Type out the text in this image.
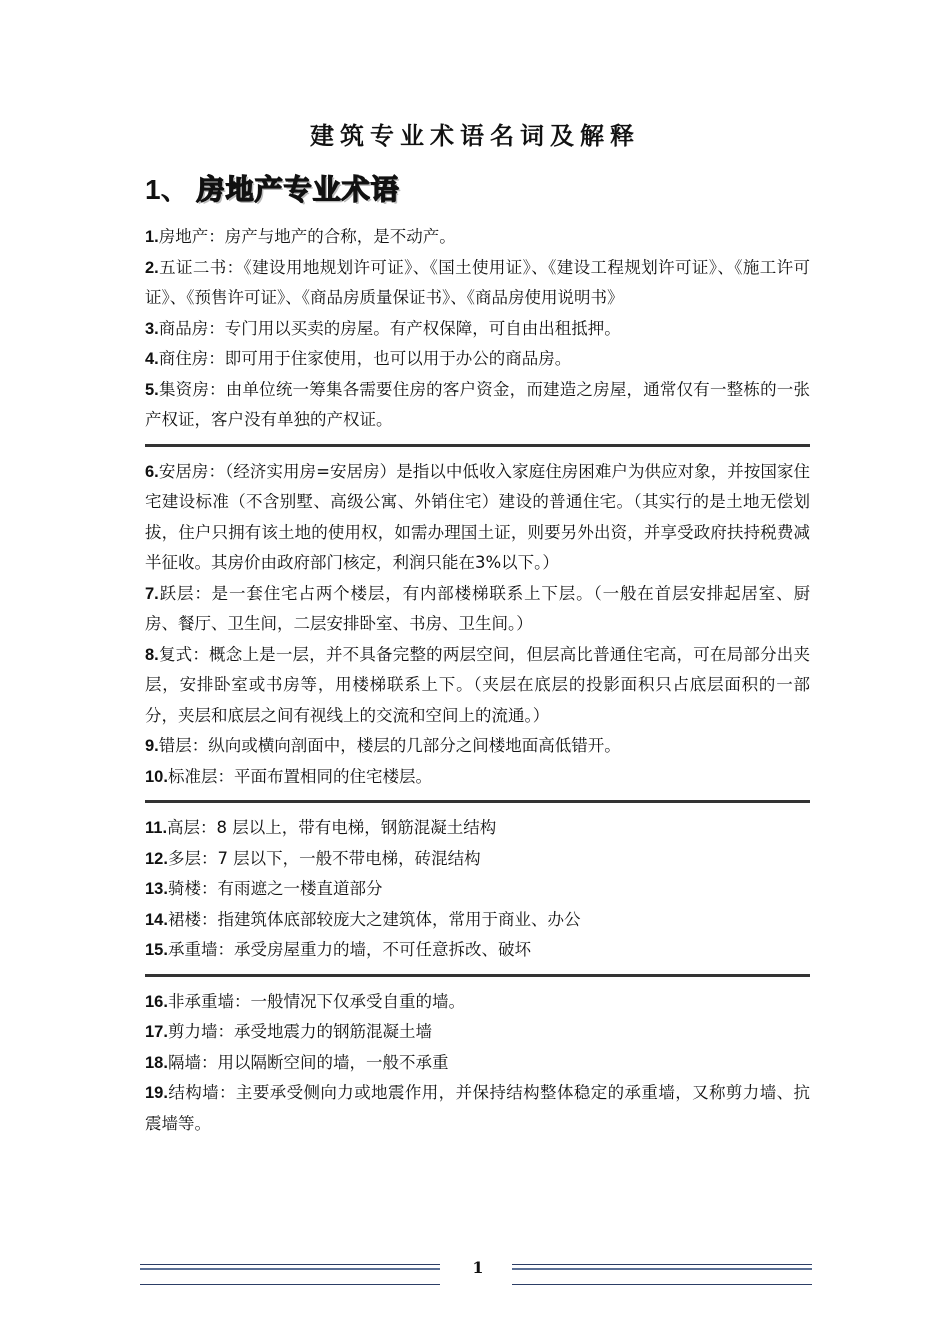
建筑专业术语名词及解释
1、 房地产专业术语

1.房地产：房产与地产的合称，是不动产。

2.五证二书：《建设用地规划许可证》、《国土使用证》、《建设工程规划许可证》、《施工许可证》、《预售许可证》、《商品房质量保证书》、《商品房使用说明书》

3.商品房：专门用以买卖的房屋。有产权保障，可自由出租抵押。

4.商住房：即可用于住家使用，也可以用于办公的商品房。

5.集资房：由单位统一筹集各需要住房的客户资金，而建造之房屋，通常仅有一整栋的一张产权证，客户没有单独的产权证。

6.安居房：（经济实用房=安居房）是指以中低收入家庭住房困难户为供应对象，并按国家住宅建设标准（不含别墅、高级公寓、外销住宅）建设的普通住宅。（其实行的是土地无偿划拔，住户只拥有该土地的使用权，如需办理国土证，则要另外出资，并享受政府扶持税费减半征收。其房价由政府部门核定，利润只能在3%以下。）

7.跃层：是一套住宅占两个楼层，有内部楼梯联系上下层。（一般在首层安排起居室、厨房、餐厅、卫生间，二层安排卧室、书房、卫生间。）

8.复式：概念上是一层，并不具备完整的两层空间，但层高比普通住宅高，可在局部分出夹层，安排卧室或书房等，用楼梯联系上下。（夹层在底层的投影面积只占底层面积的一部分，夹层和底层之间有视线上的交流和空间上的流通。）

9.错层：纵向或横向剖面中，楼层的几部分之间楼地面高低错开。

10.标准层：平面布置相同的住宅楼层。

11.高层：8 层以上，带有电梯，钢筋混凝土结构

12.多层：7 层以下，一般不带电梯，砖混结构

13.骑楼：有雨遮之一楼直道部分

14.裙楼：指建筑体底部较庞大之建筑体，常用于商业、办公

15.承重墙：承受房屋重力的墙，不可任意拆改、破坏

16.非承重墙：一般情况下仅承受自重的墙。

17.剪力墙：承受地震力的钢筋混凝土墙

18.隔墙：用以隔断空间的墙，一般不承重

19.结构墙：主要承受侧向力或地震作用，并保持结构整体稳定的承重墙，又称剪力墙、抗震墙等。

1
